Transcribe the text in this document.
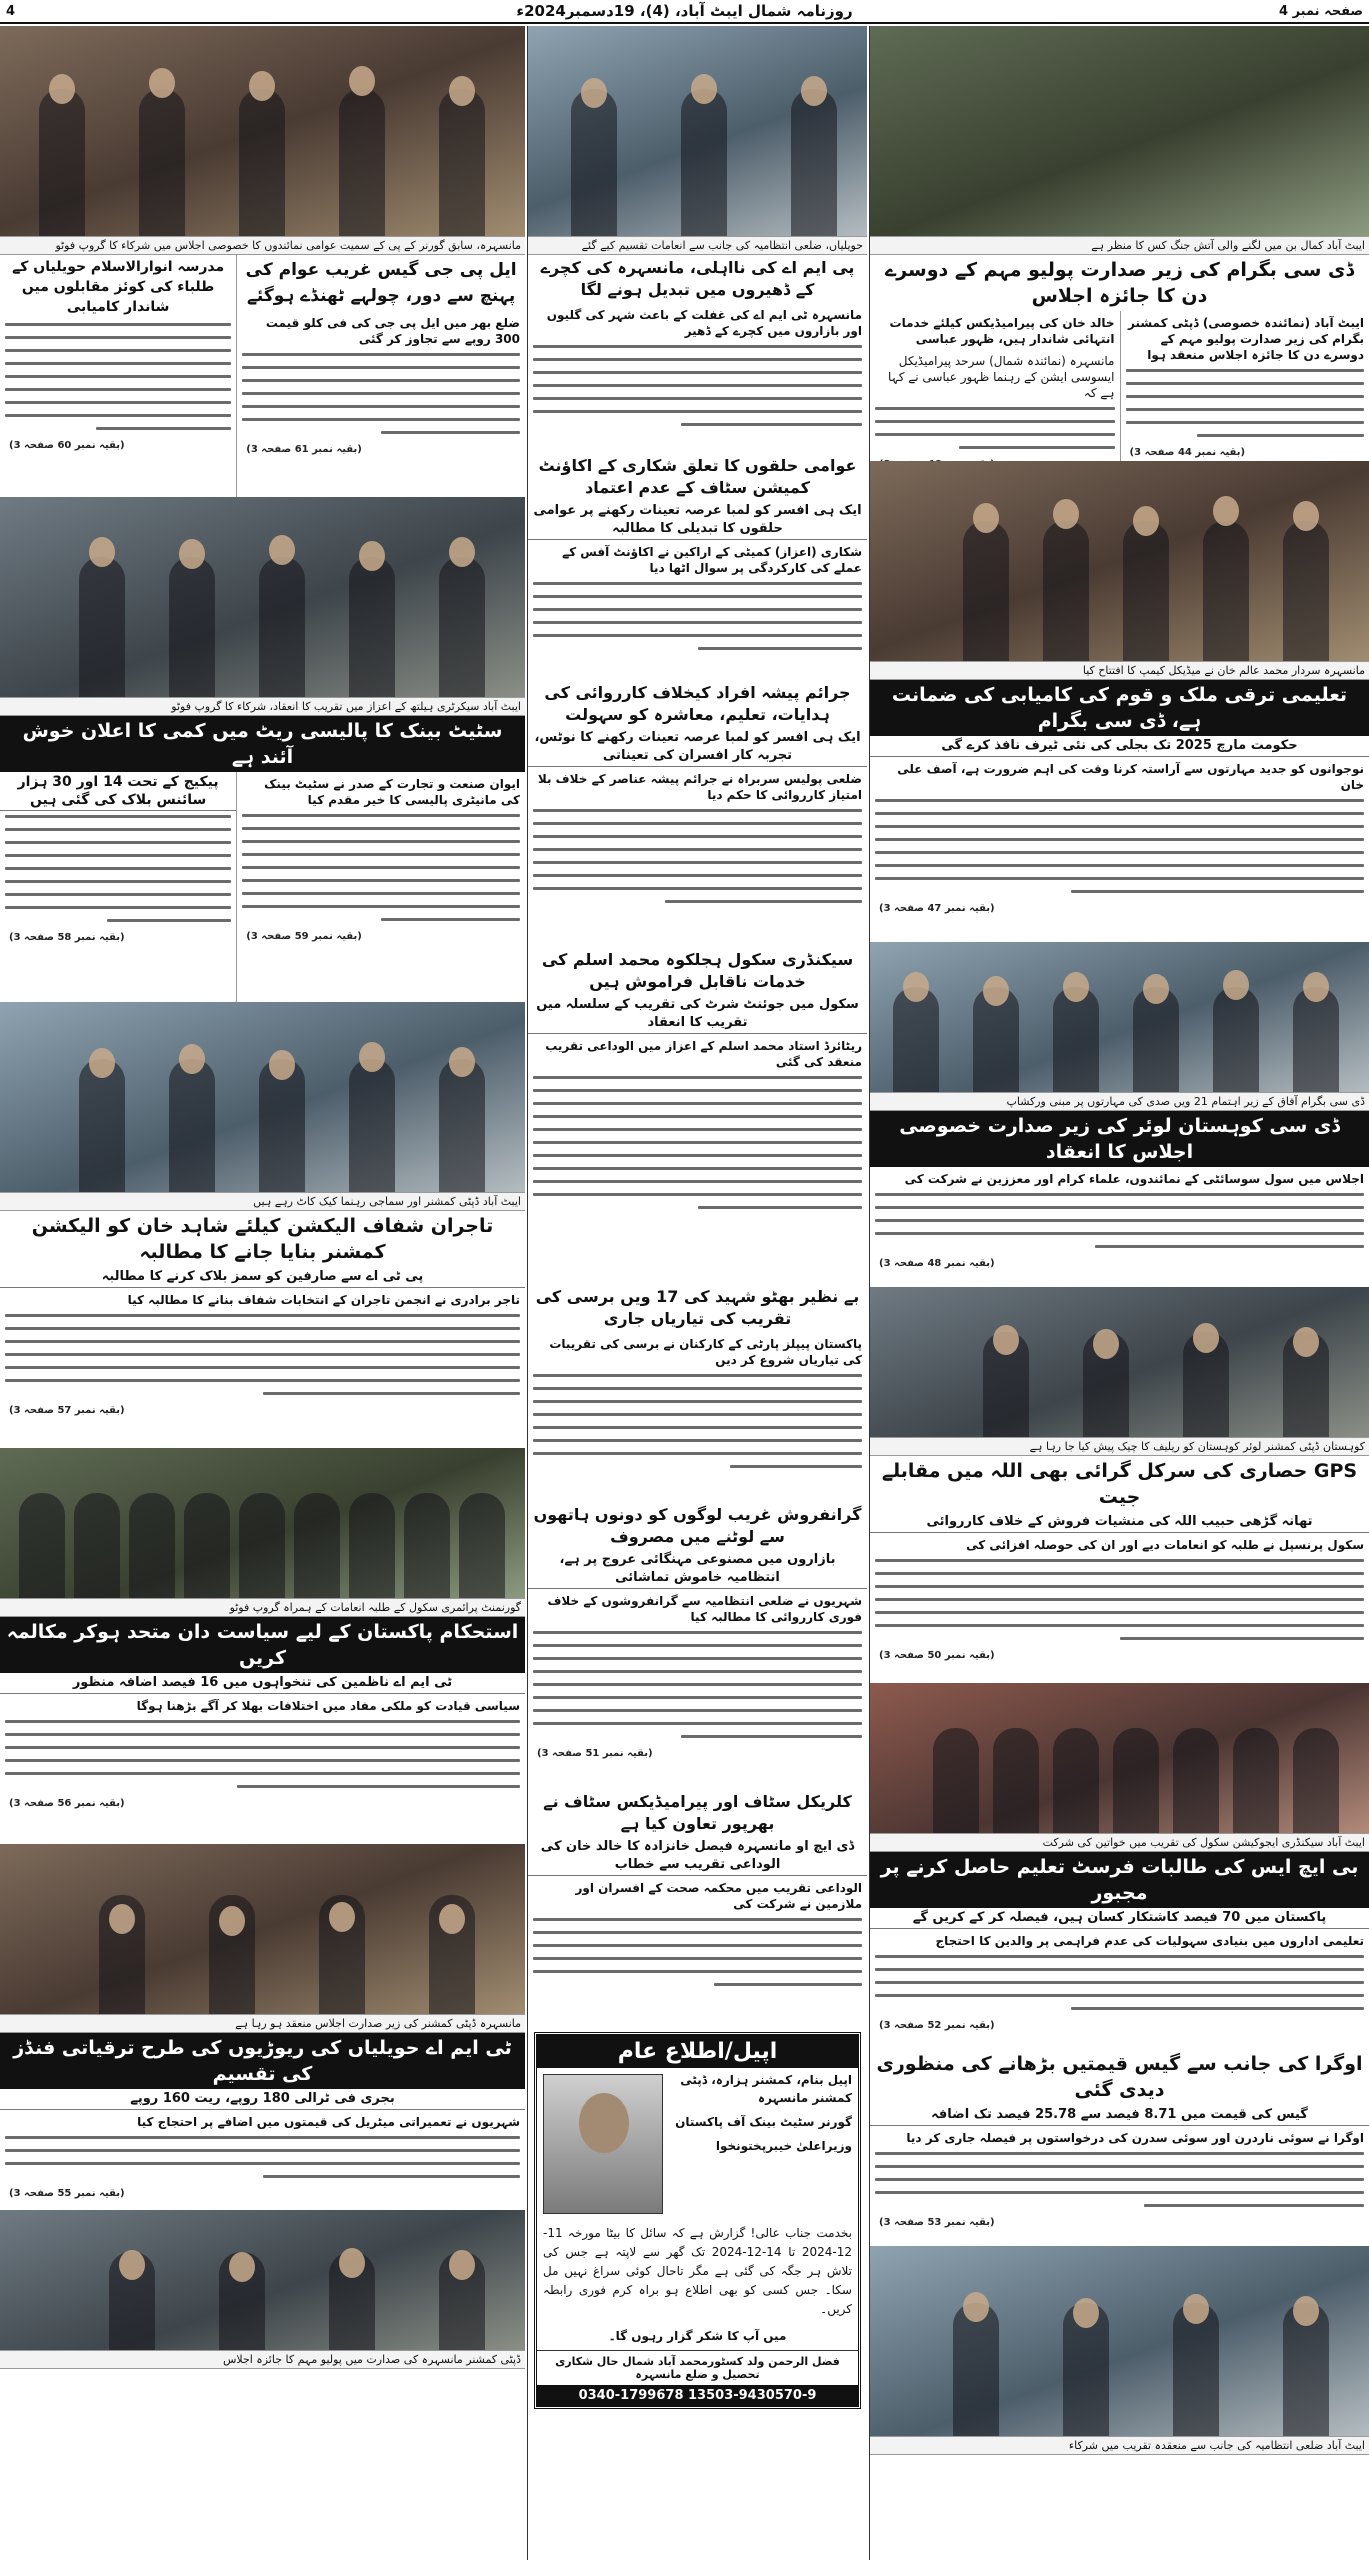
صفحہ نمبر 4
روزنامہ شمال ایبٹ آباد، (4)، 19دسمبر2024ء
4
ایبٹ آباد کمال بن میں لگنے والی آتش جنگ کس کا منظر ہے
ڈی سی بگرام کی زیر صدارت پولیو مہم کے دوسرے دن کا جائزہ اجلاس
ایبٹ آباد (نمائندہ خصوصی) ڈپٹی کمشنر بگرام کی زیر صدارت پولیو مہم کے دوسرے دن کا جائزہ اجلاس منعقد ہوا
(بقیہ نمبر 44 صفحہ 3)
خالد خان کی پیرامیڈیکس کیلئے خدمات انتہائی شاندار ہیں، ظہور عباسی
مانسہرہ (نمائندہ شمال) سرحد پیرامیڈیکل ایسوسی ایشن کے رہنما ظہور عباسی نے کہا ہے کہ
مانسہرہ سردار محمد عالم خان نے میڈیکل کیمپ کا افتتاح کیا
تعلیمی ترقی ملک و قوم کی کامیابی کی ضمانت ہے، ڈی سی بگرام
حکومت مارچ 2025 تک بجلی کی نئی ٹیرف نافذ کرے گی
نوجوانوں کو جدید مہارتوں سے آراستہ کرنا وقت کی اہم ضرورت ہے، آصف علی خان
(بقیہ نمبر 47 صفحہ 3)
ڈی سی بگرام آفاق کے زیر اہتمام 21 ویں صدی کی مہارتوں پر مبنی ورکشاپ
ڈی سی کوہستان لوئر کی زیر صدارت خصوصی اجلاس کا انعقاد
اجلاس میں سول سوسائٹی کے نمائندوں، علماء کرام اور معززین نے شرکت کی
(بقیہ نمبر 48 صفحہ 3)
کوہستان ڈپٹی کمشنر لوئر کوہستان کو ریلیف کا چیک پیش کیا جا رہا ہے
GPS حصاری کی سرکل گرائی بھی اللہ میں مقابلے جیت
تھانہ گڑھی حبیب اللہ کی منشیات فروش کے خلاف کارروائی
سکول پرنسپل نے طلبہ کو انعامات دیے اور ان کی حوصلہ افزائی کی
(بقیہ نمبر 50 صفحہ 3)
ایبٹ آباد سیکنڈری ایجوکیشن سکول کی تقریب میں خواتین کی شرکت
بی ایچ ایس کی طالبات فرسٹ تعلیم حاصل کرنے پر مجبور
پاکستان میں 70 فیصد کاشتکار کسان ہیں، فیصلہ کر کے کریں گے
تعلیمی اداروں میں بنیادی سہولیات کی عدم فراہمی پر والدین کا احتجاج
(بقیہ نمبر 52 صفحہ 3)
اوگرا کی جانب سے گیس قیمتیں بڑھانے کی منظوری دیدی گئی
گیس کی قیمت میں 8.71 فیصد سے 25.78 فیصد تک اضافہ
اوگرا نے سوئی ناردرن اور سوئی سدرن کی درخواستوں پر فیصلہ جاری کر دیا
(بقیہ نمبر 53 صفحہ 3)
ایبٹ آباد ضلعی انتظامیہ کی جانب سے منعقدہ تقریب میں شرکاء
حویلیاں، ضلعی انتظامیہ کی جانب سے انعامات تقسیم کیے گئے
پی ایم اے کی نااہلی، مانسہرہ کی کچرے کے ڈھیروں میں تبدیل ہونے لگا
مانسہرہ ٹی ایم اے کی غفلت کے باعث شہر کی گلیوں اور بازاروں میں کچرے کے ڈھیر
عوامی حلقوں کا تعلق شکاری کے اکاؤنٹ کمیشن سٹاف کے عدم اعتماد
ایک ہی افسر کو لمبا عرصہ تعینات رکھنے پر عوامی حلقوں کا تبدیلی کا مطالبہ
شکاری (اعزاز) کمیٹی کے اراکین نے اکاؤنٹ آفس کے عملے کی کارکردگی پر سوال اٹھا دیا
جرائم پیشہ افراد کیخلاف کارروائی کی ہدایات، تعلیم، معاشرہ کو سہولت
ایک ہی افسر کو لمبا عرصہ تعینات رکھنے کا نوٹس، تجربہ کار افسران کی تعیناتی
ضلعی پولیس سربراہ نے جرائم پیشہ عناصر کے خلاف بلا امتیاز کارروائی کا حکم دیا
سیکنڈری سکول ہجلکوہ محمد اسلم کی خدمات ناقابل فراموش ہیں
سکول میں جوئنٹ شرٹ کی تقریب کے سلسلہ میں تقریب کا انعقاد
ریٹائرڈ استاد محمد اسلم کے اعزاز میں الوداعی تقریب منعقد کی گئی
بے نظیر بھٹو شہید کی 17 ویں برسی کی تقریب کی تیاریاں جاری
پاکستان پیپلز پارٹی کے کارکنان نے برسی کی تقریبات کی تیاریاں شروع کر دیں
گرانفروش غریب لوگوں کو دونوں ہاتھوں سے لوٹنے میں مصروف
بازاروں میں مصنوعی مہنگائی عروج پر ہے، انتظامیہ خاموش تماشائی
شہریوں نے ضلعی انتظامیہ سے گرانفروشوں کے خلاف فوری کارروائی کا مطالبہ کیا
(بقیہ نمبر 51 صفحہ 3)
کلریکل سٹاف اور پیرامیڈیکس سٹاف نے بھرپور تعاون کیا ہے
ڈی ایچ او مانسہرہ فیصل خانزادہ کا خالد خان کی الوداعی تقریب سے خطاب
الوداعی تقریب میں محکمہ صحت کے افسران اور ملازمین نے شرکت کی
اپیل/اطلاع عام
اپیل بنام، کمشنر ہزارہ، ڈپٹی کمشنر مانسہرہ
گورنر سٹیٹ بینک آف پاکستان
وزیراعلیٰ خیبرپختونخوا
بخدمت جناب عالی! گزارش ہے کہ سائل کا بیٹا مورخہ 11-12-2024 تا 14-12-2024 تک گھر سے لاپتہ ہے جس کی تلاش ہر جگہ کی گئی ہے مگر تاحال کوئی سراغ نہیں مل سکا۔ جس کسی کو بھی اطلاع ہو براہ کرم فوری رابطہ کریں۔
میں آپ کا شکر گزار رہوں گا۔
فضل الرحمن ولد کسٹورمحمد آباد شمال حال شکاری تحصیل و ضلع مانسہرہ
0340-1799678 13503-9430570-9
مانسہرہ، سابق گورنر کے پی کے سمیت عوامی نمائندوں کا خصوصی اجلاس میں شرکاء کا گروپ فوٹو
ایل پی جی گیس غریب عوام کی پہنچ سے دور، چولہے ٹھنڈے ہوگئے
ضلع بھر میں ایل پی جی کی فی کلو قیمت 300 روپے سے تجاوز کر گئی
(بقیہ نمبر 61 صفحہ 3)
مدرسہ انوارالاسلام حویلیاں کے طلباء کی کوئز مقابلوں میں شاندار کامیابی
(بقیہ نمبر 60 صفحہ 3)
ایبٹ آباد سیکرٹری ہیلتھ کے اعزاز میں تقریب کا انعقاد، شرکاء کا گروپ فوٹو
سٹیٹ بینک کا پالیسی ریٹ میں کمی کا اعلان خوش آئند ہے
ایوان صنعت و تجارت کے صدر نے سٹیٹ بینک کی مانیٹری پالیسی کا خیر مقدم کیا
(بقیہ نمبر 59 صفحہ 3)
پیکیج کے تحت 14 اور 30 ہزار سائنس بلاک کی گئی ہیں
(بقیہ نمبر 58 صفحہ 3)
ایبٹ آباد ڈپٹی کمشنر اور سماجی رہنما کیک کاٹ رہے ہیں
تاجران شفاف الیکشن کیلئے شاہد خان کو الیکشن کمشنر بنایا جانے کا مطالبہ
پی ٹی اے سے صارفین کو سمز بلاک کرنے کا مطالبہ
تاجر برادری نے انجمن تاجران کے انتخابات شفاف بنانے کا مطالبہ کیا
(بقیہ نمبر 57 صفحہ 3)
گورنمنٹ پرائمری سکول کے طلبہ انعامات کے ہمراہ گروپ فوٹو
استحکام پاکستان کے لیے سیاست دان متحد ہوکر مکالمہ کریں
ٹی ایم اے ناظمین کی تنخواہوں میں 16 فیصد اضافہ منظور
سیاسی قیادت کو ملکی مفاد میں اختلافات بھلا کر آگے بڑھنا ہوگا
(بقیہ نمبر 56 صفحہ 3)
مانسہرہ ڈپٹی کمشنر کی زیر صدارت اجلاس منعقد ہو رہا ہے
ٹی ایم اے حویلیاں کی ریوڑیوں کی طرح ترقیاتی فنڈز کی تقسیم
بجری فی ٹرالی 180 روپے، ریت 160 روپے
شہریوں نے تعمیراتی میٹریل کی قیمتوں میں اضافے پر احتجاج کیا
(بقیہ نمبر 55 صفحہ 3)
ڈپٹی کمشنر مانسہرہ کی صدارت میں پولیو مہم کا جائزہ اجلاس
